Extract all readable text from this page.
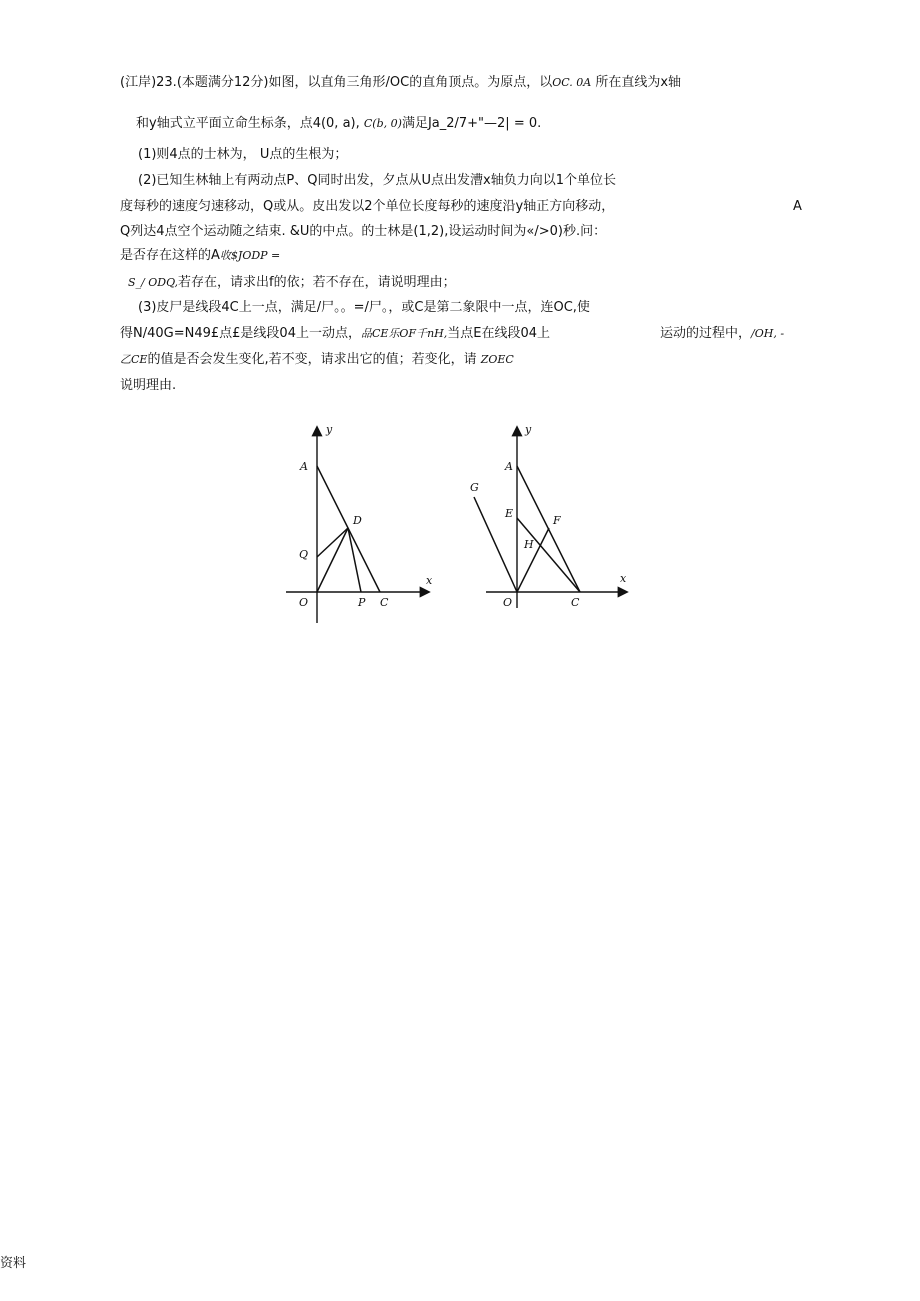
(江岸)23.(本题满分12分)如图，以直角三角形/OC的直角顶点。为原点，以OC. 0A 所在直线为x轴
和y轴式立平面立命生标条，点4(0, a), C(b, 0)满足Ja_2/7+"—2| = 0.
(1)则4点的士林为， U点的生根为；
(2)已知生林轴上有两动点P、Q同时出发，夕点从U点出发漕x轴负力向以1个单位长
度每秒的速度匀速移动，Q或从。皮出发以2个单位长度每秒的速度沿y轴正方向移动，	A
Q列达4点空个运动随之结束. &U的中点。的士林是(1,2),设运动时间为«/>0)秒.问：
是否存在这样的A收$JODP =
S_/ ODQ,若存在，请求出f的依；若不存在，请说明理由；
(3)皮尸是线段4C上一点，满足/尸。。=/尸。，或C是第二象限中一点，连OC,使
得N/40G=N49£点£是线段04上一动点，品CE乐OF千nH,当点E在线段04上	运动的过程中，/OH, -
乙CE的值是否会发生变化,若不变，请求出它的值；若变化，请 ZOEC
说明理由.
y
x
A
D
Q
O	P C
y
x
G
A
E
F
H
O	C
资料
